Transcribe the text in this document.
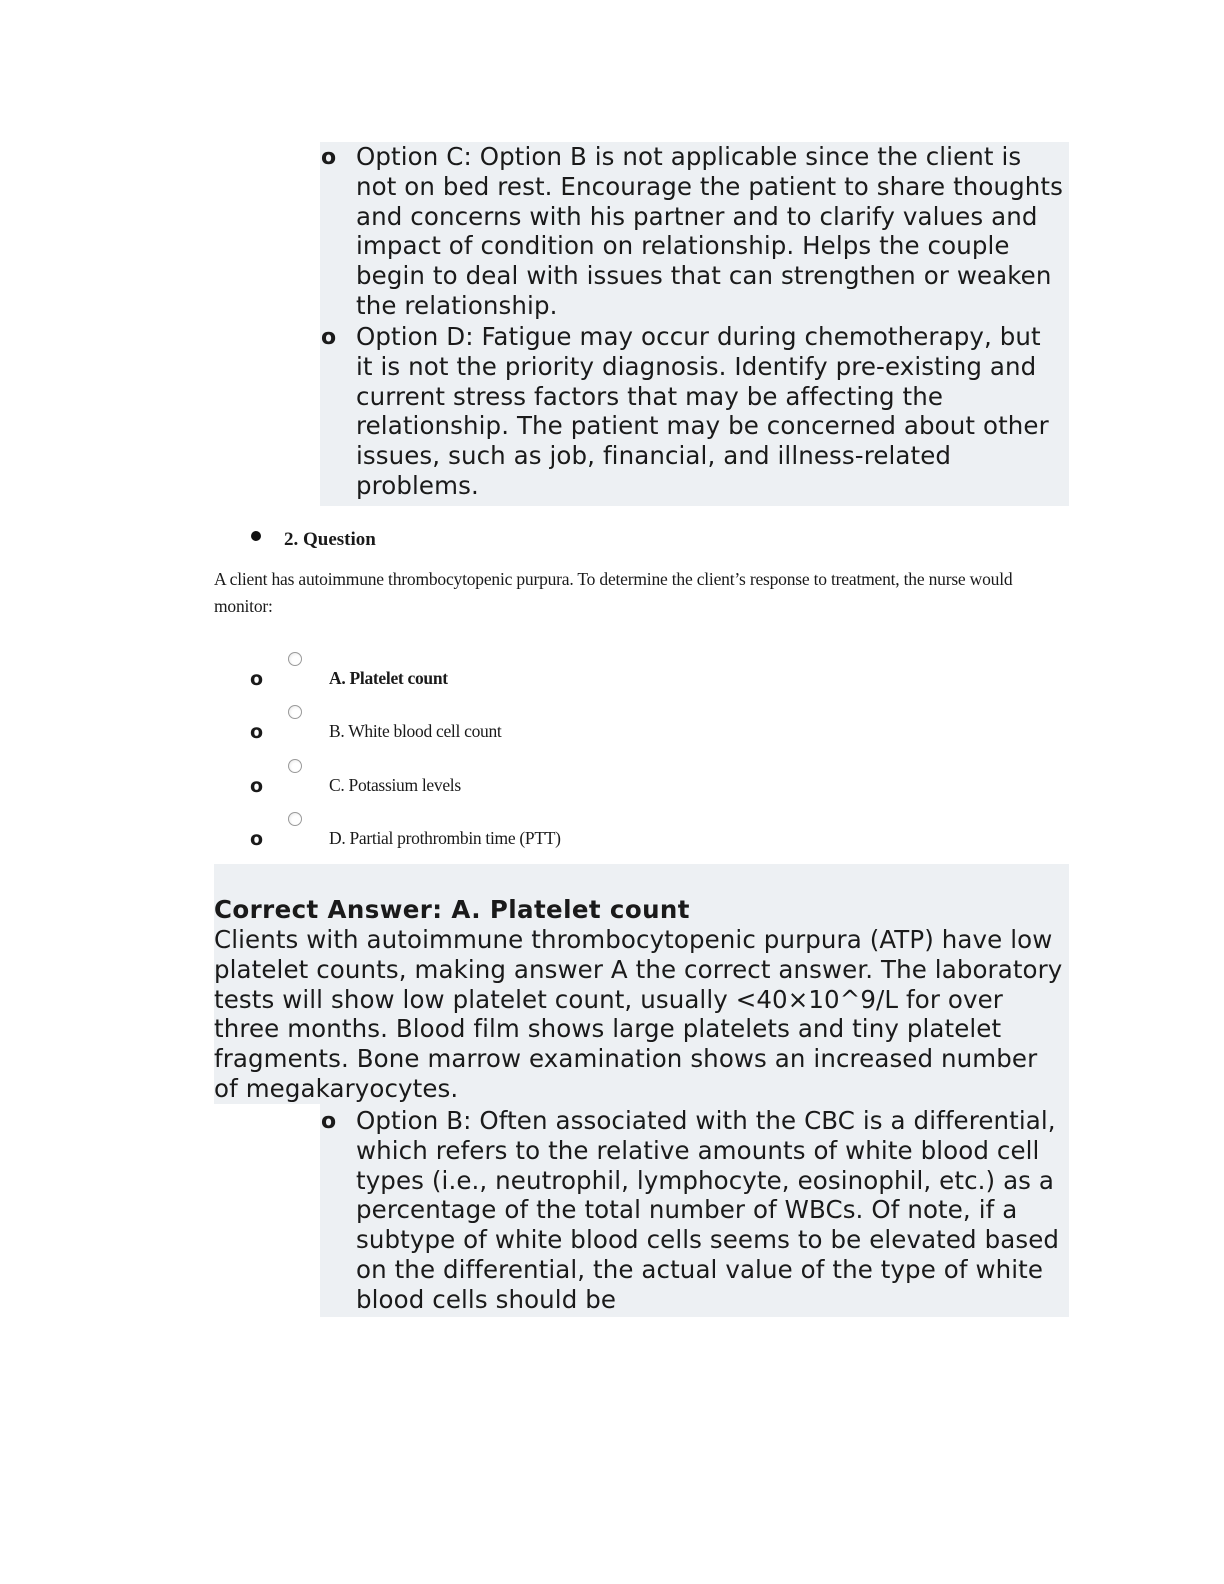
o Option C: Option B is not applicable since the client is not on bed rest. Encourage the patient to share thoughts and concerns with his partner and to clarify values and impact of condition on relationship. Helps the couple begin to deal with issues that can strengthen or weaken the relationship.
o Option D: Fatigue may occur during chemotherapy, but it is not the priority diagnosis. Identify pre-existing and current stress factors that may be affecting the relationship. The patient may be concerned about other issues, such as job, financial, and illness-related problems.
2. Question
A client has autoimmune thrombocytopenic purpura. To determine the client’s response to treatment, the nurse would monitor:
o	A. Platelet count
o	B. White blood cell count
o	C. Potassium levels
o	D. Partial prothrombin time (PTT)
Correct Answer: A. Platelet count
Clients with autoimmune thrombocytopenic purpura (ATP) have low platelet counts, making answer A the correct answer. The laboratory tests will show low platelet count, usually <40×10^9/L for over three months. Blood film shows large platelets and tiny platelet fragments. Bone marrow examination shows an increased number of megakaryocytes.
o Option B: Often associated with the CBC is a differential, which refers to the relative amounts of white blood cell types (i.e., neutrophil, lymphocyte, eosinophil, etc.) as a percentage of the total number of WBCs. Of note, if a subtype of white blood cells seems to be elevated based on the differential, the actual value of the type of white blood cells should be
